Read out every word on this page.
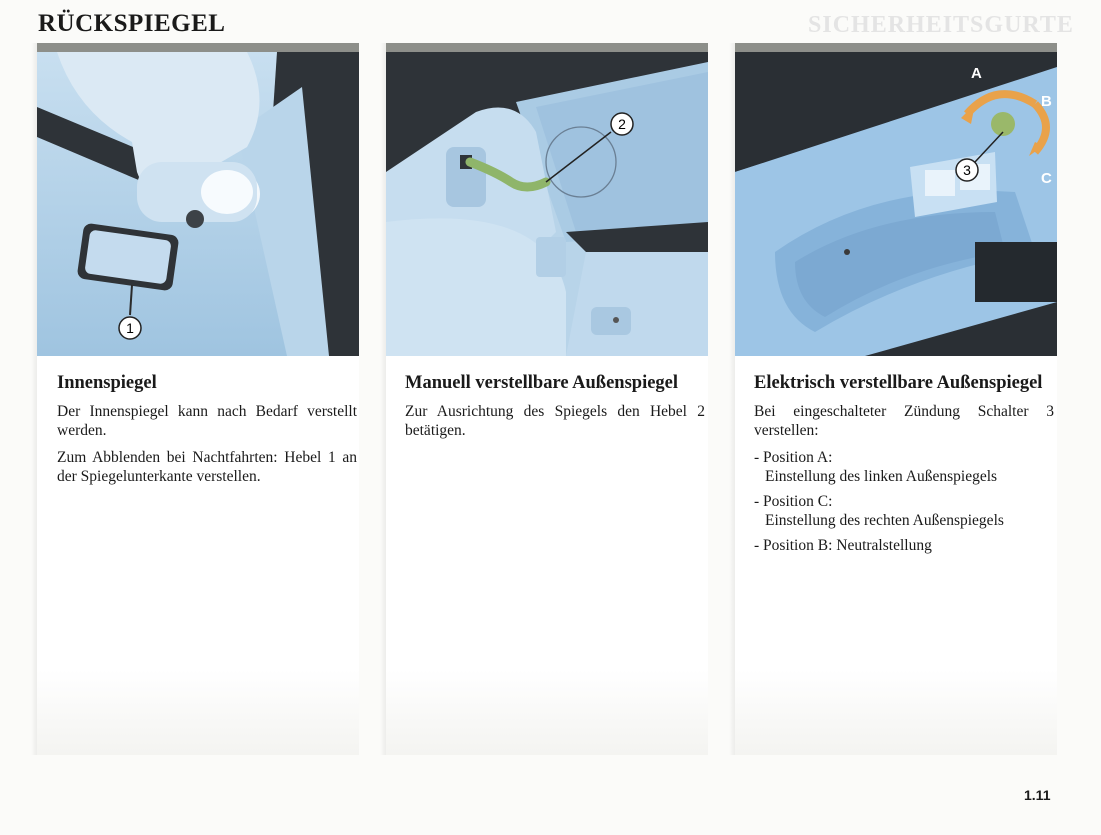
RÜCKSPIEGEL	SICHERHEITSGURTE
1
Innenspiegel

Der Innenspiegel kann nach Bedarf verstellt werden.

Zum Abblenden bei Nachtfahrten: Hebel 1 an der Spiegelunterkante verstellen.

2
Manuell verstellbare Außenspiegel

Zur Ausrichtung des Spiegels den Hebel 2 betätigen.

A
B
C
3
Elektrisch verstellbare Außenspiegel

Bei eingeschalteter Zündung Schalter 3 verstellen:

- Position A:
Einstellung des linken Außenspiegels
- Position C:
Einstellung des rechten Außenspiegels
- Position B: Neutralstellung
1.11
